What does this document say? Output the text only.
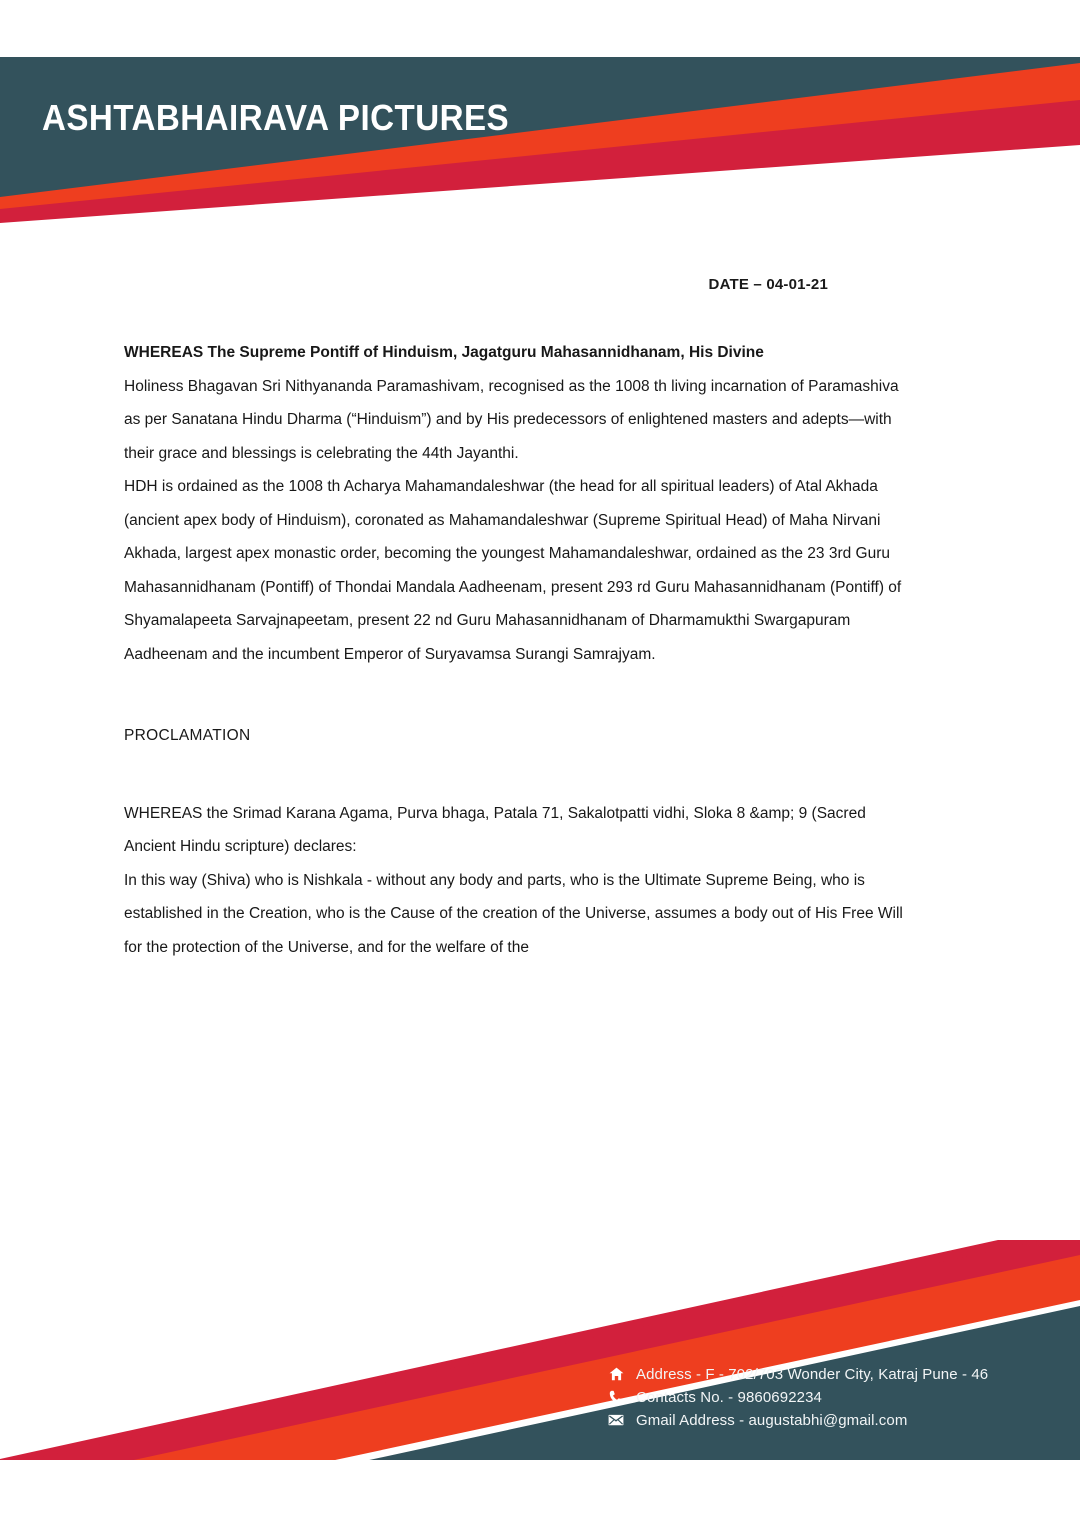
ASHTABHAIRAVA PICTURES
DATE – 04-01-21

WHEREAS The Supreme Pontiff of Hinduism, Jagatguru Mahasannidhanam, His Divine

Holiness Bhagavan Sri Nithyananda Paramashivam, recognised as the 1008 th living incarnation of Paramashiva as per Sanatana Hindu Dharma (“Hinduism”) and by His predecessors of enlightened masters and adepts—with their grace and blessings is celebrating the 44th Jayanthi.

HDH is ordained as the 1008 th Acharya Mahamandaleshwar (the head for all spiritual leaders) of Atal Akhada (ancient apex body of Hinduism), coronated as Mahamandaleshwar (Supreme Spiritual Head) of Maha Nirvani Akhada, largest apex monastic order, becoming the youngest Mahamandaleshwar, ordained as the 23 3rd Guru Mahasannidhanam (Pontiff) of Thondai Mandala Aadheenam, present 293 rd Guru Mahasannidhanam (Pontiff) of Shyamalapeeta Sarvajnapeetam, present 22 nd Guru Mahasannidhanam of Dharmamukthi Swargapuram Aadheenam and the incumbent Emperor of Suryavamsa Surangi Samrajyam.

PROCLAMATION

WHEREAS the Srimad Karana Agama, Purva bhaga, Patala 71, Sakalotpatti vidhi, Sloka 8 &amp; 9 (Sacred Ancient Hindu scripture) declares:

In this way (Shiva) who is Nishkala - without any body and parts, who is the Ultimate Supreme Being, who is established in the Creation, who is the Cause of the creation of the Universe, assumes a body out of His Free Will for the protection of the Universe, and for the welfare of the

Address - F - 702/703 Wonder City, Katraj Pune - 46
Contacts No. - 9860692234
Gmail Address - augustabhi@gmail.com
